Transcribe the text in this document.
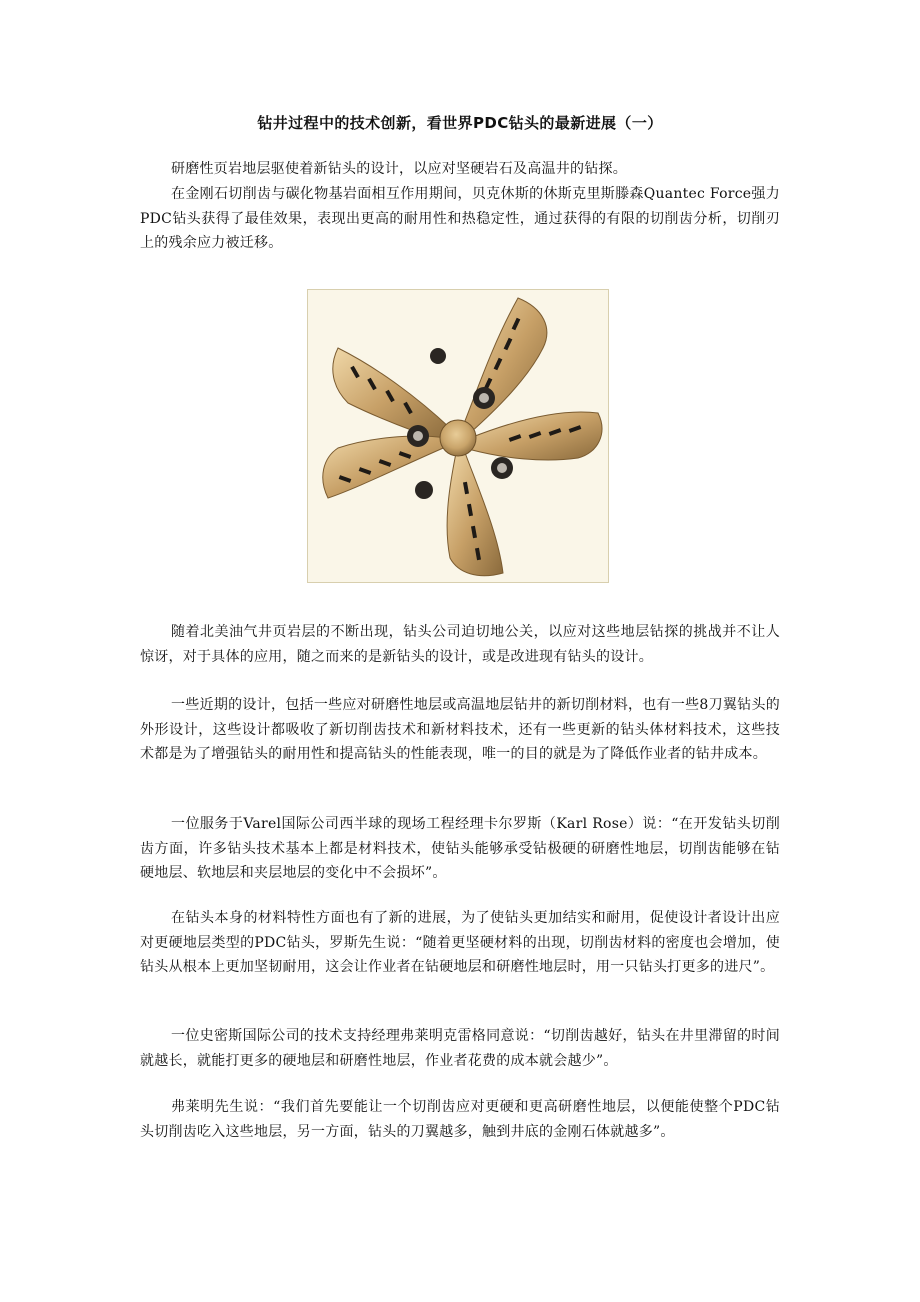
钻井过程中的技术创新，看世界PDC钻头的最新进展（一）

研磨性页岩地层驱使着新钻头的设计，以应对坚硬岩石及高温井的钻探。

在金刚石切削齿与碳化物基岩面相互作用期间，贝克休斯的休斯克里斯滕森Quantec Force强力PDC钻头获得了最佳效果，表现出更高的耐用性和热稳定性，通过获得的有限的切削齿分析，切削刃上的残余应力被迁移。

随着北美油气井页岩层的不断出现，钻头公司迫切地公关，以应对这些地层钻探的挑战并不让人惊讶，对于具体的应用，随之而来的是新钻头的设计，或是改进现有钻头的设计。

一些近期的设计，包括一些应对研磨性地层或高温地层钻井的新切削材料，也有一些8刀翼钻头的外形设计，这些设计都吸收了新切削齿技术和新材料技术，还有一些更新的钻头体材料技术，这些技术都是为了增强钻头的耐用性和提高钻头的性能表现，唯一的目的就是为了降低作业者的钻井成本。

一位服务于Varel国际公司西半球的现场工程经理卡尔罗斯（Karl Rose）说：“在开发钻头切削齿方面，许多钻头技术基本上都是材料技术，使钻头能够承受钻极硬的研磨性地层，切削齿能够在钻硬地层、软地层和夹层地层的变化中不会损坏”。

在钻头本身的材料特性方面也有了新的进展，为了使钻头更加结实和耐用，促使设计者设计出应对更硬地层类型的PDC钻头，罗斯先生说：“随着更坚硬材料的出现，切削齿材料的密度也会增加，使钻头从根本上更加坚韧耐用，这会让作业者在钻硬地层和研磨性地层时，用一只钻头打更多的进尺”。

一位史密斯国际公司的技术支持经理弗莱明克雷格同意说：“切削齿越好，钻头在井里滞留的时间就越长，就能打更多的硬地层和研磨性地层，作业者花费的成本就会越少”。

弗莱明先生说：“我们首先要能让一个切削齿应对更硬和更高研磨性地层，以便能使整个PDC钻头切削齿吃入这些地层，另一方面，钻头的刀翼越多，触到井底的金刚石体就越多”。
